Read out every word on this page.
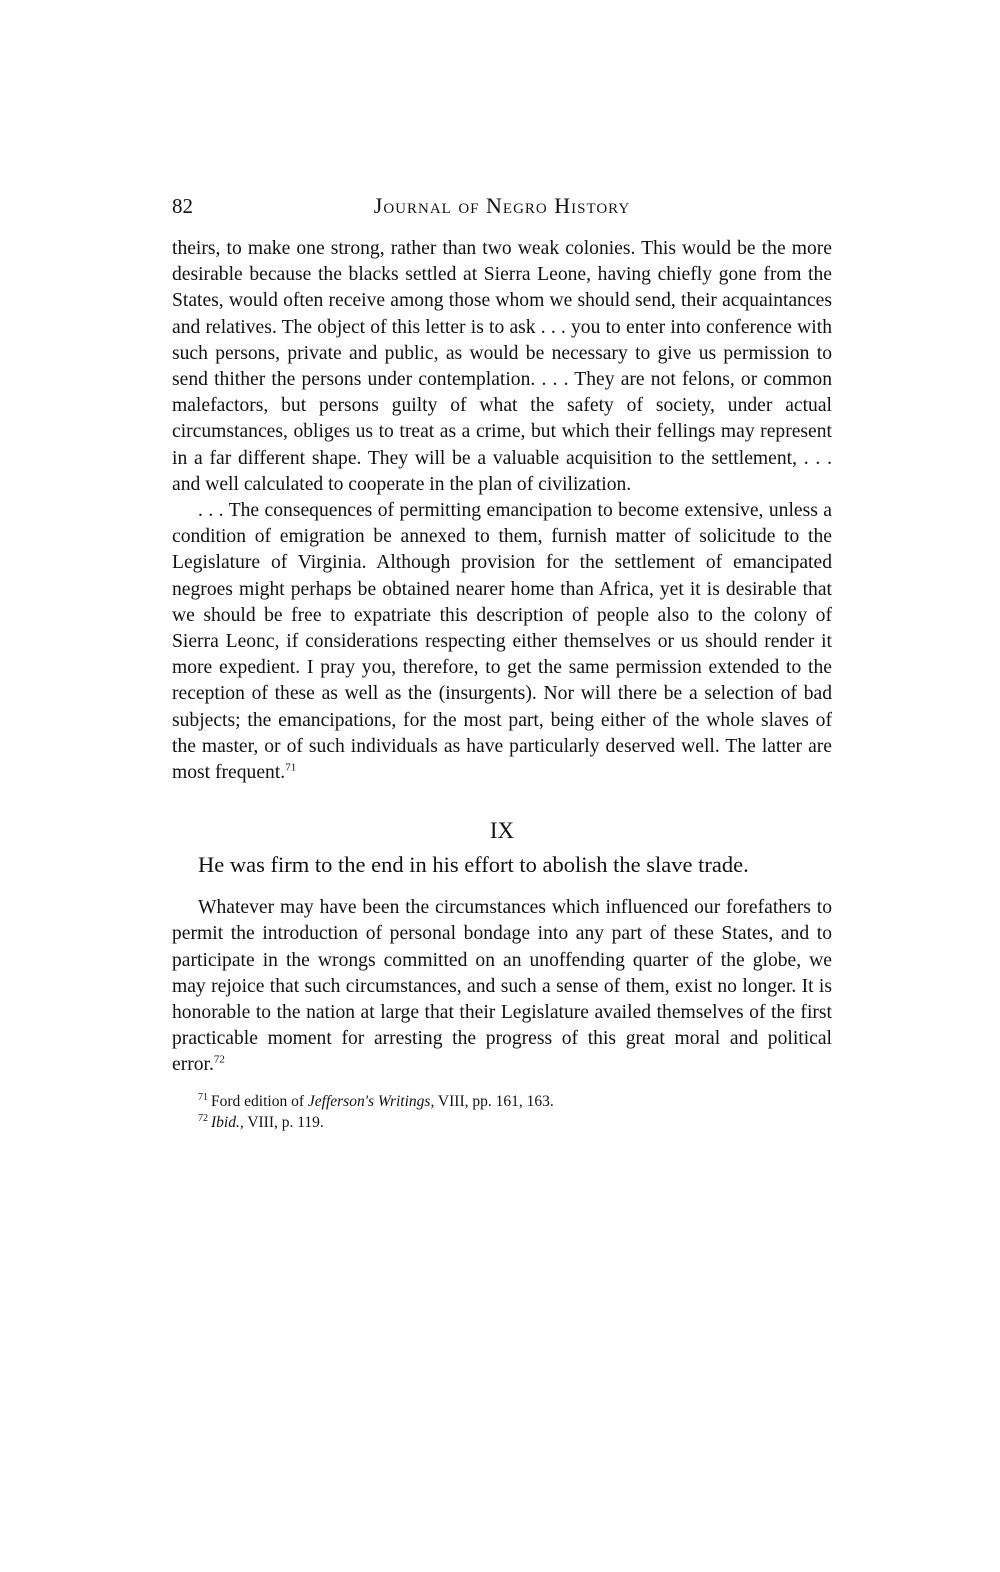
82	Journal of Negro History

theirs, to make one strong, rather than two weak colonies. This would be the more desirable because the blacks settled at Sierra Leone, having chiefly gone from the States, would often receive among those whom we should send, their acquaintances and relatives. The object of this letter is to ask . . . you to enter into conference with such persons, private and public, as would be necessary to give us permission to send thither the persons under contemplation. . . . They are not felons, or common malefactors, but persons guilty of what the safety of society, under actual circumstances, obliges us to treat as a crime, but which their fellings may represent in a far different shape. They will be a valuable acquisition to the settlement, . . . and well calculated to cooperate in the plan of civilization.

. . . The consequences of permitting emancipation to become extensive, unless a condition of emigration be annexed to them, furnish matter of solicitude to the Legislature of Virginia. Although provision for the settlement of emancipated negroes might perhaps be obtained nearer home than Africa, yet it is desirable that we should be free to expatriate this description of people also to the colony of Sierra Leonc, if considerations respecting either themselves or us should render it more expedient. I pray you, therefore, to get the same permission extended to the reception of these as well as the (insurgents). Nor will there be a selection of bad subjects; the emancipations, for the most part, being either of the whole slaves of the master, or of such individuals as have particularly deserved well. The latter are most frequent.$^{71}$

IX

He was firm to the end in his effort to abolish the slave trade.

Whatever may have been the circumstances which influenced our forefathers to permit the introduction of personal bondage into any part of these States, and to participate in the wrongs committed on an unoffending quarter of the globe, we may rejoice that such circumstances, and such a sense of them, exist no longer. It is honorable to the nation at large that their Legislature availed themselves of the first practicable moment for arresting the progress of this great moral and political error.$^{72}$

$^{71}$ Ford edition of Jefferson's Writings, VIII, pp. 161, 163.
$^{72}$ Ibid., VIII, p. 119.
